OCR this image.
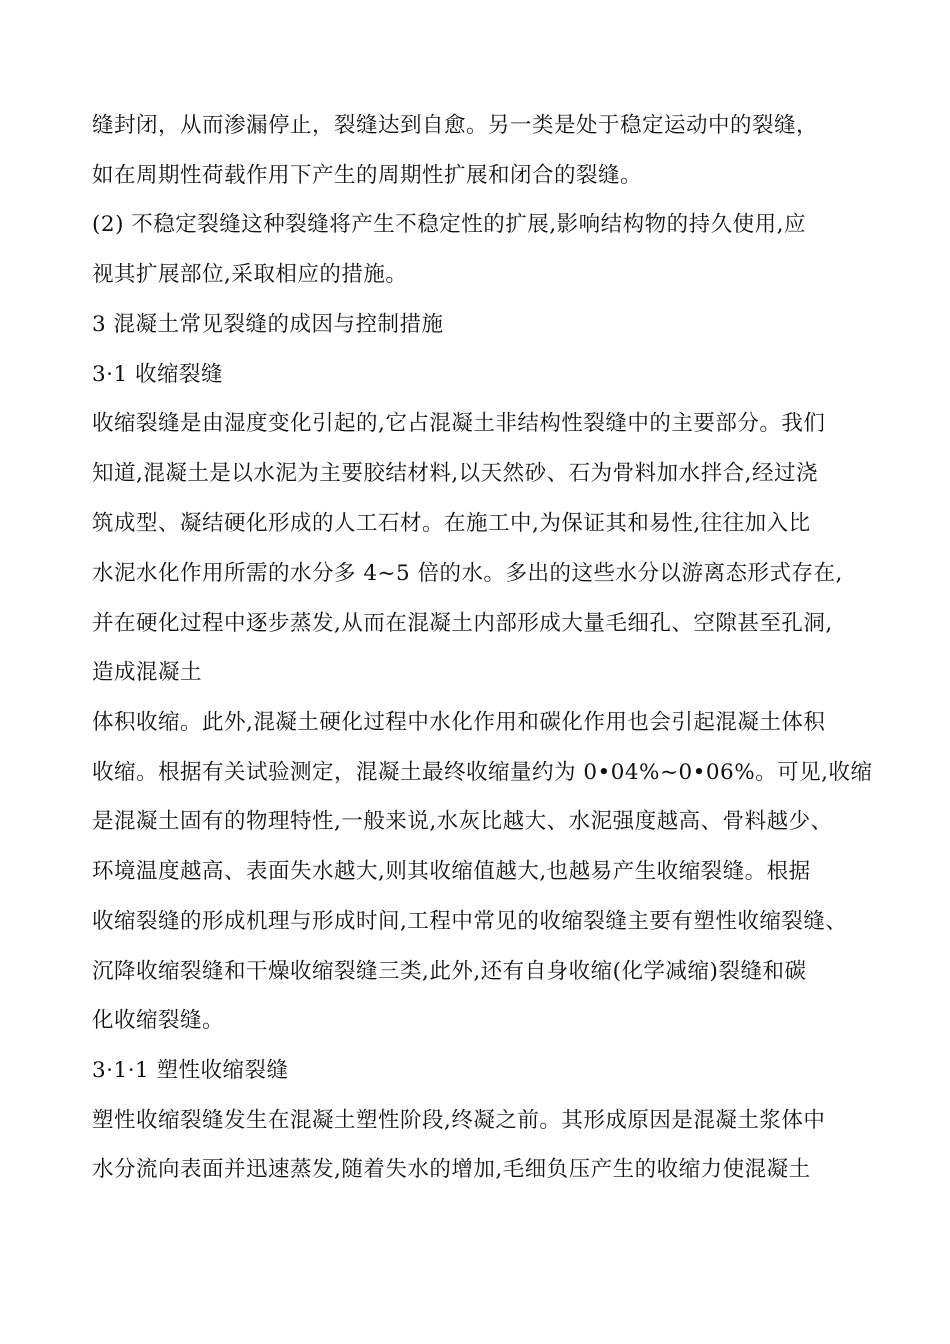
缝封闭，从而渗漏停止，裂缝达到自愈。另一类是处于稳定运动中的裂缝，
如在周期性荷载作用下产生的周期性扩展和闭合的裂缝。
(2) 不稳定裂缝这种裂缝将产生不稳定性的扩展,影响结构物的持久使用,应
视其扩展部位,采取相应的措施。
3 混凝土常见裂缝的成因与控制措施
3·1 收缩裂缝
收缩裂缝是由湿度变化引起的,它占混凝土非结构性裂缝中的主要部分。我们
知道,混凝土是以水泥为主要胶结材料,以天然砂、石为骨料加水拌合,经过浇
筑成型、凝结硬化形成的人工石材。在施工中,为保证其和易性,往往加入比
水泥水化作用所需的水分多 4~5 倍的水。多出的这些水分以游离态形式存在,
并在硬化过程中逐步蒸发,从而在混凝土内部形成大量毛细孔、空隙甚至孔洞,
造成混凝土
体积收缩。此外,混凝土硬化过程中水化作用和碳化作用也会引起混凝土体积
收缩。根据有关试验测定，混凝土最终收缩量约为 0•04%~0•06%。可见,收缩
是混凝土固有的物理特性,一般来说,水灰比越大、水泥强度越高、骨料越少、
环境温度越高、表面失水越大,则其收缩值越大,也越易产生收缩裂缝。根据
收缩裂缝的形成机理与形成时间,工程中常见的收缩裂缝主要有塑性收缩裂缝、
沉降收缩裂缝和干燥收缩裂缝三类,此外,还有自身收缩(化学减缩)裂缝和碳
化收缩裂缝。
3·1·1 塑性收缩裂缝
塑性收缩裂缝发生在混凝土塑性阶段,终凝之前。其形成原因是混凝土浆体中
水分流向表面并迅速蒸发,随着失水的增加,毛细负压产生的收缩力使混凝土
